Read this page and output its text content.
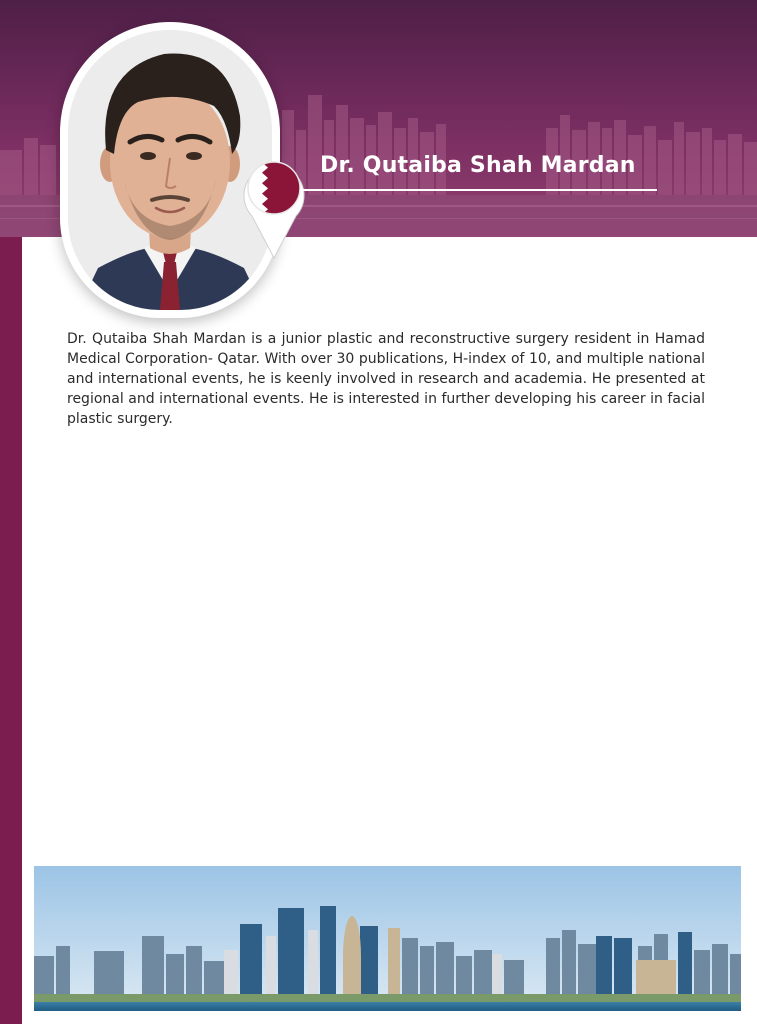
Dr. Qutaiba Shah Mardan

Dr. Qutaiba Shah Mardan is a junior plastic and reconstructive surgery resident in Hamad Medical Corporation- Qatar. With over 30 publications, H-index of 10, and multiple national and international events, he is keenly involved in research and academia. He presented at regional and international events. He is interested in further developing his career in facial plastic surgery.
